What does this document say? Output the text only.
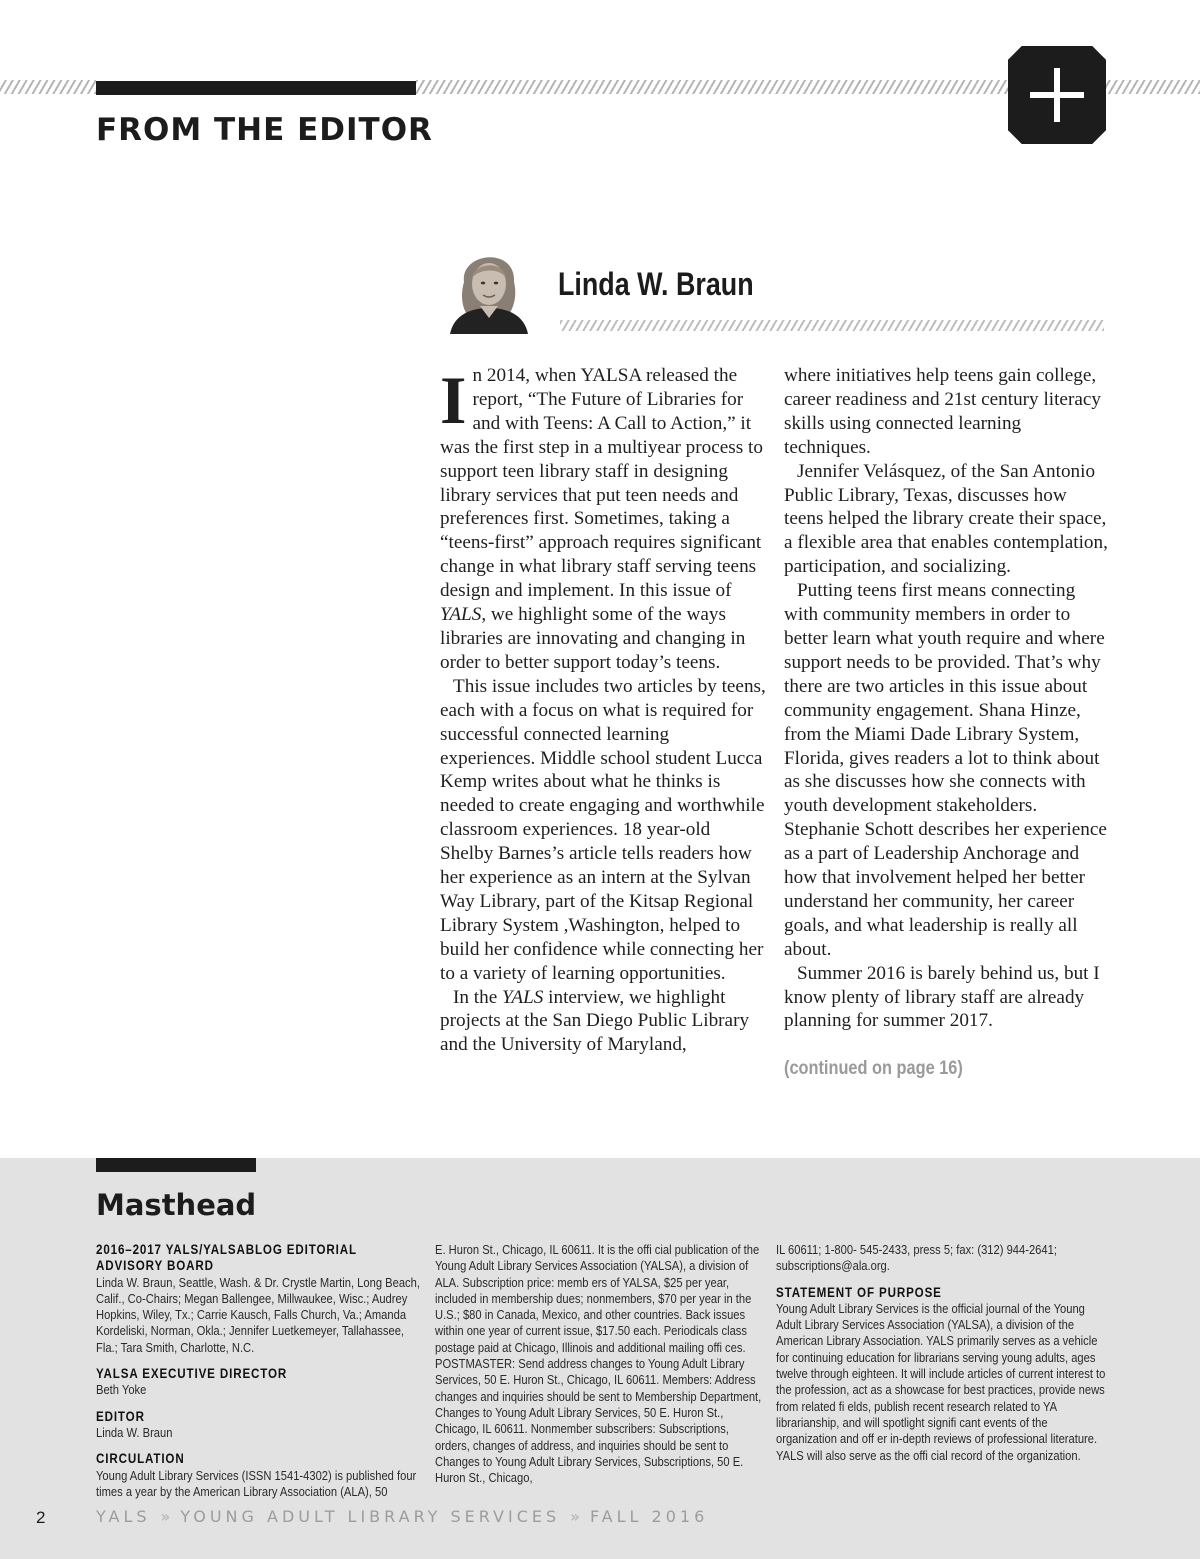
FROM THE EDITOR
Linda W. Braun

In 2014, when YALSA released the report, “The Future of Libraries for and with Teens: A Call to Action,” it was the first step in a multiyear process to support teen library staff in designing library services that put teen needs and preferences first. Sometimes, taking a “teens-first” approach requires significant change in what library staff serving teens design and implement. In this issue of YALS, we highlight some of the ways libraries are innovating and changing in order to better support today’s teens.

This issue includes two articles by teens, each with a focus on what is required for successful connected learning experiences. Middle school student Lucca Kemp writes about what he thinks is needed to create engaging and worthwhile classroom experiences. 18 year-old Shelby Barnes’s article tells readers how her experience as an intern at the Sylvan Way Library, part of the Kitsap Regional Library System ,Washington, helped to build her confidence while connecting her to a variety of learning opportunities.

In the YALS interview, we highlight projects at the San Diego Public Library and the University of Maryland,

where initiatives help teens gain college, career readiness and 21st century literacy skills using connected learning techniques.

Jennifer Velásquez, of the San Antonio Public Library, Texas, discusses how teens helped the library create their space, a flexible area that enables contemplation, participation, and socializing.

Putting teens first means connecting with community members in order to better learn what youth require and where support needs to be provided. That’s why there are two articles in this issue about community engagement. Shana Hinze, from the Miami Dade Library System, Florida, gives readers a lot to think about as she discusses how she connects with youth development stakeholders. Stephanie Schott describes her experience as a part of Leadership Anchorage and how that involvement helped her better understand her community, her career goals, and what leadership is really all about.

Summer 2016 is barely behind us, but I know plenty of library staff are already planning for summer 2017.

(continued on page 16)
Masthead
2016–2017 YALS/YALSABLOG EDITORIAL ADVISORY BOARD

Linda W. Braun, Seattle, Wash. & Dr. Crystle Martin, Long Beach, Calif., Co-Chairs; Megan Ballengee, Millwaukee, Wisc.; Audrey Hopkins, Wiley, Tx.; Carrie Kausch, Falls Church, Va.; Amanda Kordeliski, Norman, Okla.; Jennifer Luetkemeyer, Tallahassee, Fla.; Tara Smith, Charlotte, N.C.

YALSA EXECUTIVE DIRECTOR

Beth Yoke

EDITOR

Linda W. Braun

CIRCULATION

Young Adult Library Services (ISSN 1541-4302) is published four times a year by the American Library Association (ALA), 50

E. Huron St., Chicago, IL 60611. It is the offi cial publication of the Young Adult Library Services Association (YALSA), a division of ALA. Subscription price: memb ers of YALSA, $25 per year, included in membership dues; nonmembers, $70 per year in the U.S.; $80 in Canada, Mexico, and other countries. Back issues within one year of current issue, $17.50 each. Periodicals class postage paid at Chicago, Illinois and additional mailing offi ces. POSTMASTER: Send address changes to Young Adult Library Services, 50 E. Huron St., Chicago, IL 60611. Members: Address changes and inquiries should be sent to Membership Department, Changes to Young Adult Library Services, 50 E. Huron St., Chicago, IL 60611. Nonmember subscribers: Subscriptions, orders, changes of address, and inquiries should be sent to Changes to Young Adult Library Services, Subscriptions, 50 E. Huron St., Chicago,

IL 60611; 1-800- 545-2433, press 5; fax: (312) 944-2641; subscriptions@ala.org.

STATEMENT OF PURPOSE

Young Adult Library Services is the official journal of the Young Adult Library Services Association (YALSA), a division of the American Library Association. YALS primarily serves as a vehicle for continuing education for librarians serving young adults, ages twelve through eighteen. It will include articles of current interest to the profession, act as a showcase for best practices, provide news from related fi elds, publish recent research related to YA librarianship, and will spotlight signifi cant events of the organization and off er in-depth reviews of professional literature. YALS will also serve as the offi cial record of the organization.

2	YALS » YOUNG ADULT LIBRARY SERVICES » FALL 2016
